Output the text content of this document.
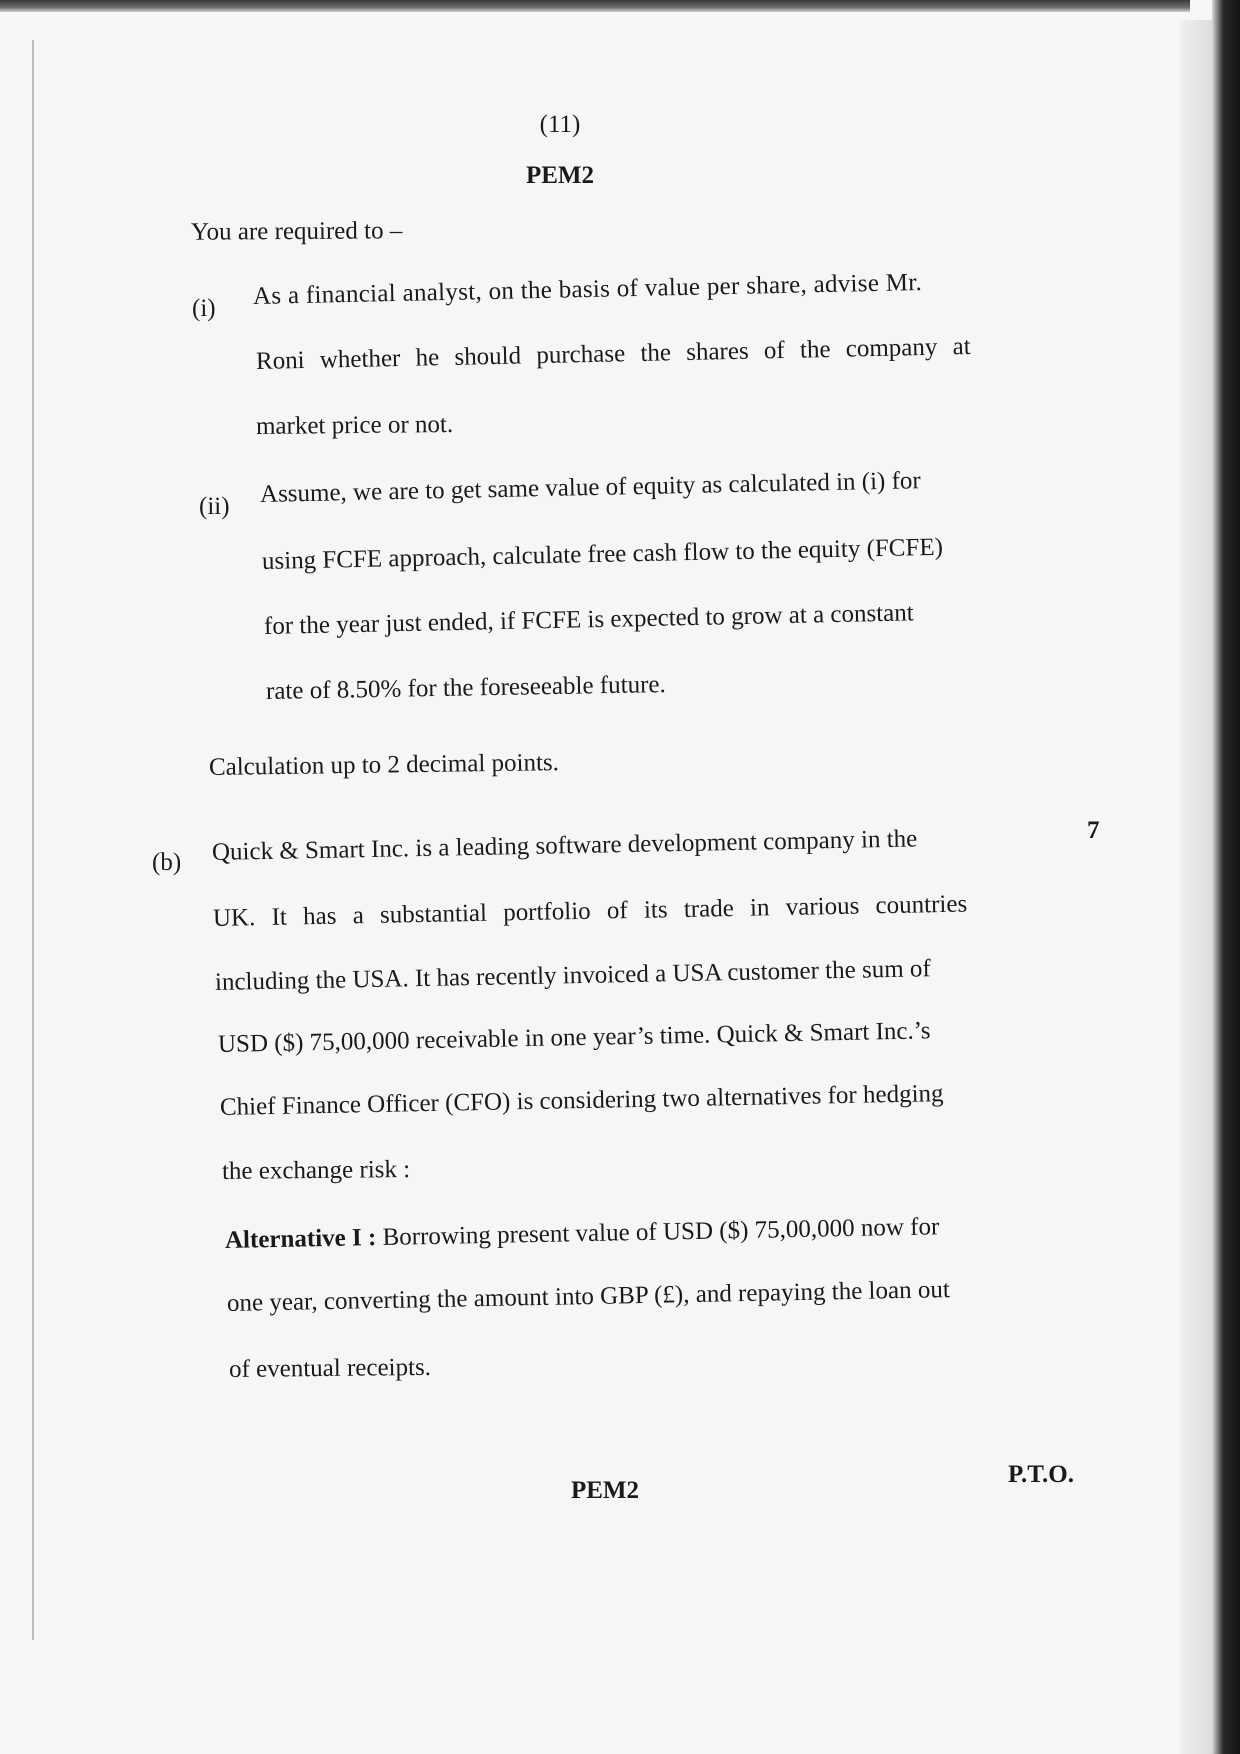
(11)
PEM2
You are required to –
(i) As a financial analyst, on the basis of value per share, advise Mr.
Roni whether he should purchase the shares of the company at
market price or not.
(ii) Assume, we are to get same value of equity as calculated in (i) for
using FCFE approach, calculate free cash flow to the equity (FCFE)
for the year just ended, if FCFE is expected to grow at a constant
rate of 8.50% for the foreseeable future.
Calculation up to 2 decimal points.
(b)
7
Quick & Smart Inc. is a leading software development company in the
UK. It has a substantial portfolio of its trade in various countries
including the USA. It has recently invoiced a USA customer the sum of
USD ($) 75,00,000 receivable in one year’s time. Quick & Smart Inc.’s
Chief Finance Officer (CFO) is considering two alternatives for hedging
the exchange risk :
Alternative I : Borrowing present value of USD ($) 75,00,000 now for
one year, converting the amount into GBP (£), and repaying the loan out
of eventual receipts.
PEM2
P.T.O.
